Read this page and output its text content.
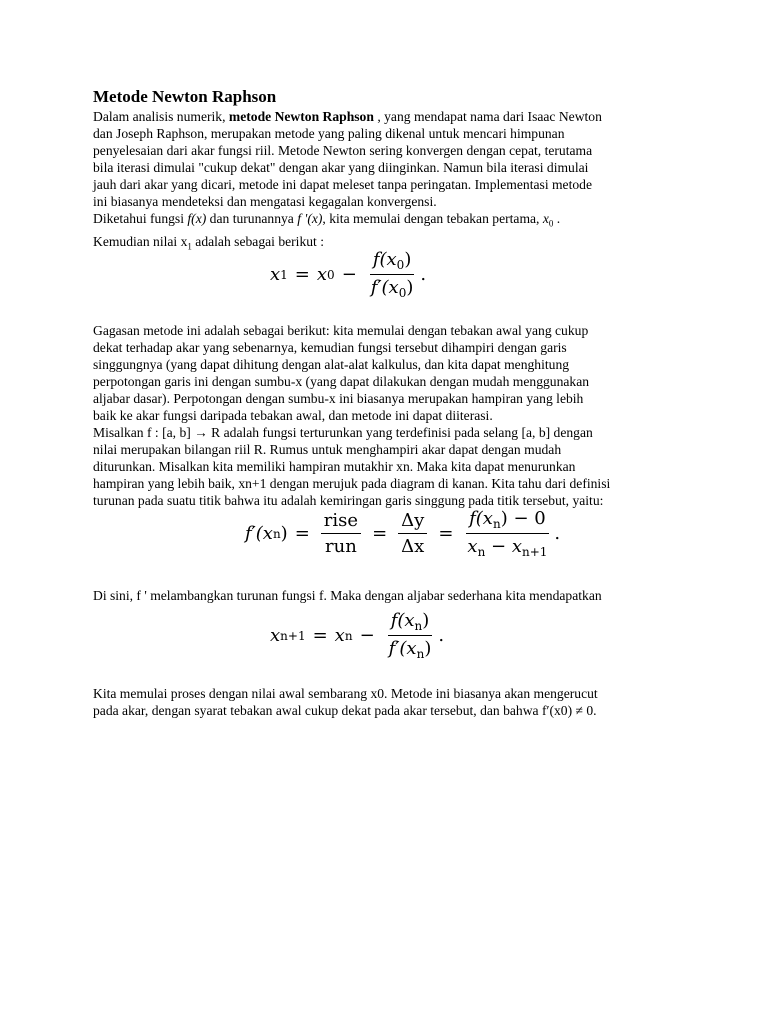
Metode Newton Raphson
Dalam analisis numerik, metode Newton Raphson , yang mendapat nama dari Isaac Newton
dan Joseph Raphson, merupakan metode yang paling dikenal untuk mencari himpunan
penyelesaian dari akar fungsi riil. Metode Newton sering konvergen dengan cepat, terutama
bila iterasi dimulai "cukup dekat" dengan akar yang diinginkan. Namun bila iterasi dimulai
jauh dari akar yang dicari, metode ini dapat meleset tanpa peringatan. Implementasi metode
ini biasanya mendeteksi dan mengatasi kegagalan konvergensi.
Diketahui fungsi f(x) dan turunannya f '(x), kita memulai dengan tebakan pertama, $x_0$ .
Kemudian nilai $x_1$ adalah sebagai berikut :
x 1 = x $0 - \frac{f(x_0)}{f'(x_0)}$ .
Gagasan metode ini adalah sebagai berikut: kita memulai dengan tebakan awal yang cukup
dekat terhadap akar yang sebenarnya, kemudian fungsi tersebut dihampiri dengan garis
singgungnya (yang dapat dihitung dengan alat-alat kalkulus, dan kita dapat menghitung
perpotongan garis ini dengan sumbu-x (yang dapat dilakukan dengan mudah menggunakan
aljabar dasar). Perpotongan dengan sumbu-x ini biasanya merupakan hampiran yang lebih
baik ke akar fungsi daripada tebakan awal, dan metode ini dapat diiterasi.
Misalkan f : [a, b] → R adalah fungsi terturunkan yang terdefinisi pada selang [a, b] dengan
nilai merupakan bilangan riil R. Rumus untuk menghampiri akar dapat dengan mudah
diturunkan. Misalkan kita memiliki hampiran mutakhir xn. Maka kita dapat menurunkan
hampiran yang lebih baik, xn+1 dengan merujuk pada diagram di kanan. Kita tahu dari definisi
turunan pada suatu titik bahwa itu adalah kemiringan garis singgung pada titik tersebut, yaitu:
f′(x n ) = $\frac{\text{rise}}{\text{run}} = \frac{\Delta y}{\Delta x} = \frac{f(x_n) - 0}{x_n - x_{n+1}}$ .
Di sini, f ' melambangkan turunan fungsi f. Maka dengan aljabar sederhana kita mendapatkan
x n+1 = x $n - \frac{f(x_n)}{f'(x_n)}$ .
Kita memulai proses dengan nilai awal sembarang x0. Metode ini biasanya akan mengerucut
pada akar, dengan syarat tebakan awal cukup dekat pada akar tersebut, dan bahwa f′(x0) ≠ 0.
